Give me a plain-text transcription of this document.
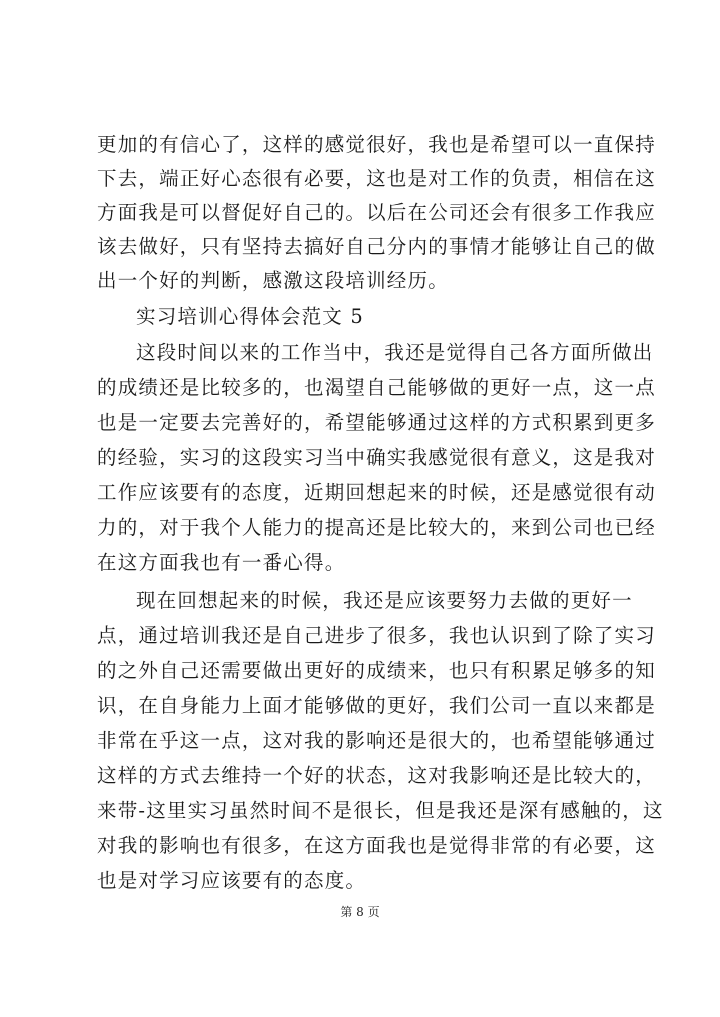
更加的有信心了，这样的感觉很好，我也是希望可以一直保持
下去，端正好心态很有必要，这也是对工作的负责，相信在这
方面我是可以督促好自己的。以后在公司还会有很多工作我应
该去做好，只有坚持去搞好自己分内的事情才能够让自己的做
出一个好的判断，感激这段培训经历。
实习培训心得体会范文 5
这段时间以来的工作当中，我还是觉得自己各方面所做出
的成绩还是比较多的，也渴望自己能够做的更好一点，这一点
也是一定要去完善好的，希望能够通过这样的方式积累到更多
的经验，实习的这段实习当中确实我感觉很有意义，这是我对
工作应该要有的态度，近期回想起来的时候，还是感觉很有动
力的，对于我个人能力的提高还是比较大的，来到公司也已经
在这方面我也有一番心得。
现在回想起来的时候，我还是应该要努力去做的更好一
点，通过培训我还是自己进步了很多，我也认识到了除了实习
的之外自己还需要做出更好的成绩来，也只有积累足够多的知
识，在自身能力上面才能够做的更好，我们公司一直以来都是
非常在乎这一点，这对我的影响还是很大的，也希望能够通过
这样的方式去维持一个好的状态，这对我影响还是比较大的，
来带-这里实习虽然时间不是很长，但是我还是深有感触的，这
对我的影响也有很多，在这方面我也是觉得非常的有必要，这
也是对学习应该要有的态度。
第 8 页
